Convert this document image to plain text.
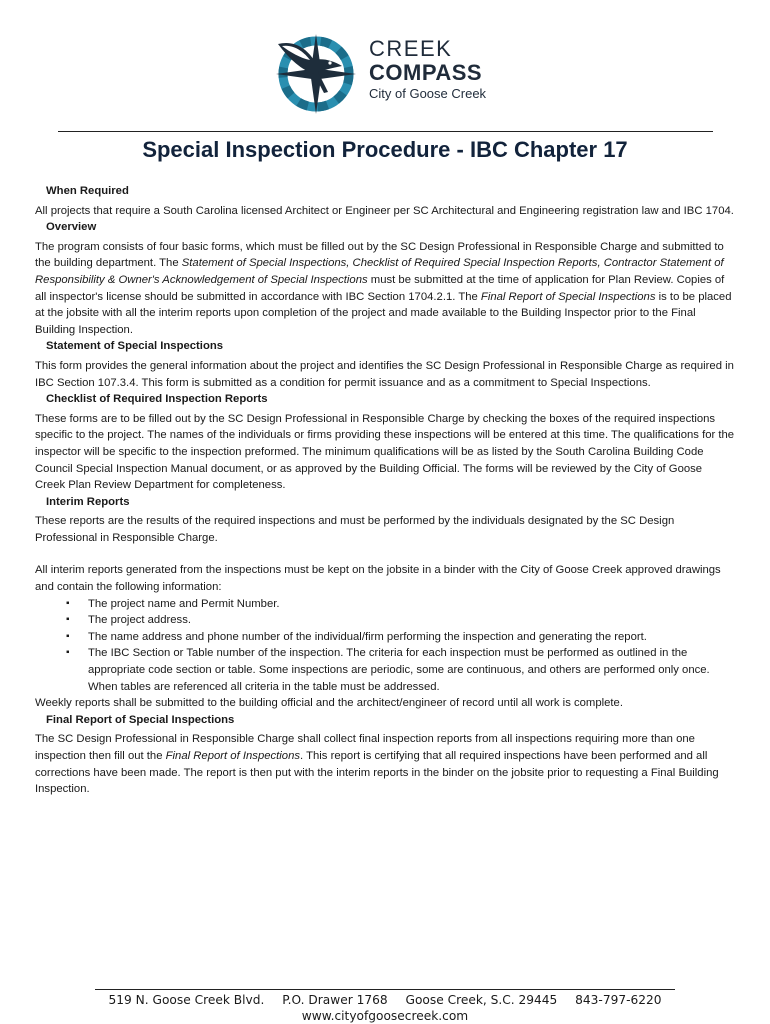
CREEK
COMPASS
City of Goose Creek
Special Inspection Procedure - IBC Chapter 17
When Required

All projects that require a South Carolina licensed Architect or Engineer per SC Architectural and Engineering registration law and IBC 1704.

Overview

The program consists of four basic forms, which must be filled out by the SC Design Professional in Responsible Charge and submitted to the building department. The Statement of Special Inspections, Checklist of Required Special Inspection Reports, Contractor Statement of Responsibility & Owner's Acknowledgement of Special Inspections must be submitted at the time of application for Plan Review. Copies of all inspector's license should be submitted in accordance with IBC Section 1704.2.1. The Final Report of Special Inspections is to be placed at the jobsite with all the interim reports upon completion of the project and made available to the Building Inspector prior to the Final Building Inspection.

Statement of Special Inspections

This form provides the general information about the project and identifies the SC Design Professional in Responsible Charge as required in IBC Section 107.3.4. This form is submitted as a condition for permit issuance and as a commitment to Special Inspections.

Checklist of Required Inspection Reports

These forms are to be filled out by the SC Design Professional in Responsible Charge by checking the boxes of the required inspections specific to the project. The names of the individuals or firms providing these inspections will be entered at this time. The qualifications for the inspector will be specific to the inspection preformed. The minimum qualifications will be as listed by the South Carolina Building Code Council Special Inspection Manual document, or as approved by the Building Official. The forms will be reviewed by the City of Goose Creek Plan Review Department for completeness.

Interim Reports

These reports are the results of the required inspections and must be performed by the individuals designated by the SC Design Professional in Responsible Charge.

All interim reports generated from the inspections must be kept on the jobsite in a binder with the City of Goose Creek approved drawings and contain the following information:

▪ The project name and Permit Number.
▪ The project address.
▪ The name address and phone number of the individual/firm performing the inspection and generating the report.
▪ The IBC Section or Table number of the inspection. The criteria for each inspection must be performed as outlined in the appropriate code section or table. Some inspections are periodic, some are continuous, and others are performed only once. When tables are referenced all criteria in the table must be addressed.

Weekly reports shall be submitted to the building official and the architect/engineer of record until all work is complete.

Final Report of Special Inspections

The SC Design Professional in Responsible Charge shall collect final inspection reports from all inspections requiring more than one inspection then fill out the Final Report of Inspections. This report is certifying that all required inspections have been performed and all corrections have been made. The report is then put with the interim reports in the binder on the jobsite prior to requesting a Final Building Inspection.

519 N. Goose Creek Blvd. P.O. Drawer 1768 Goose Creek, S.C. 29445 843-797-6220
www.cityofgoosecreek.com
